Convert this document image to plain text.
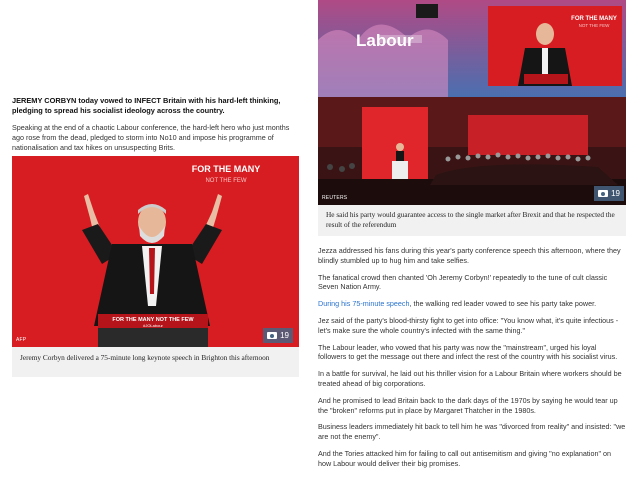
JEREMY CORBYN today vowed to INFECT Britain with his hard-left thinking, pledging to spread his socialist ideology across the country.

Speaking at the end of a chaotic Labour conference, the hard-left hero who just months ago rose from the dead, pledged to storm into No10 and impose his programme of nationalisation and tax hikes on unsuspecting Brits.

FOR THE MANY
NOT THE FEW
FOR THE MANY NOT THE FEW
#JOLabour
AFP	19
Jeremy Corbyn delivered a 75-minute long keynote speech in Brighton this afternoon
Labour
FOR THE MANY
NOT THE FEW
REUTERS	19
He said his party would guarantee access to the single market after Brexit and that he respected the result of the referendum

Jezza addressed his fans during this year's party conference speech this afternoon, where they blindly stumbled up to hug him and take selfies.

The fanatical crowd then chanted 'Oh Jeremy Corbyn!' repeatedly to the tune of cult classic Seven Nation Army.

During his 75-minute speech, the walking red leader vowed to see his party take power.

Jez said of the party's blood-thirsty fight to get into office: "You know what, it's quite infectious - let's make sure the whole country's infected with the same thing."

The Labour leader, who vowed that his party was now the "mainstream", urged his loyal followers to get the message out there and infect the rest of the country with his socialist virus.

In a battle for survival, he laid out his thriller vision for a Labour Britain where workers should be treated ahead of big corporations.

And he promised to lead Britain back to the dark days of the 1970s by saying he would tear up the "broken" reforms put in place by Margaret Thatcher in the 1980s.

Business leaders immediately hit back to tell him he was "divorced from reality" and insisted: "we are not the enemy".

And the Tories attacked him for failing to call out antisemitism and giving "no explanation" on how Labour would deliver their big promises.
